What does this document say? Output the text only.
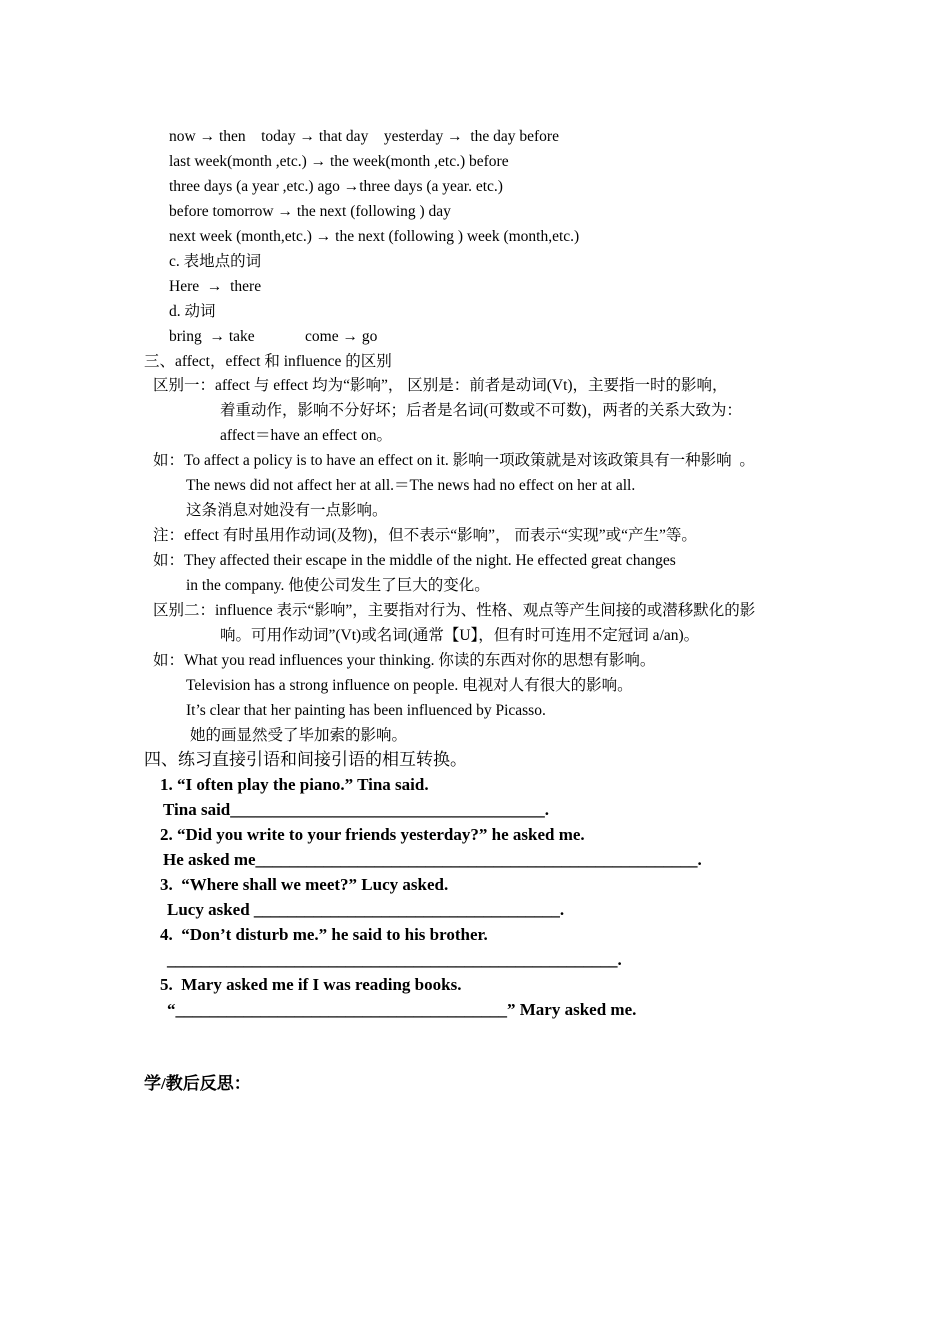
now → then    today → that day    yesterday →  the day before
last week(month ,etc.) → the week(month ,etc.) before
three days (a year ,etc.) ago →three days (a year. etc.)
before tomorrow → the next (following ) day
next week (month,etc.) → the next (following ) week (month,etc.)
c. 表地点的词
Here  →  there
d. 动词
bring  → take             come → go
三、affect，effect 和 influence 的区别
区别一：affect 与 effect 均为“影响”， 区别是：前者是动词(Vt)，主要指一时的影响，
着重动作，影响不分好坏；后者是名词(可数或不可数)，两者的关系大致为：
affect＝have an effect on。
如：To affect a policy is to have an effect on it. 影响一项政策就是对该政策具有一种影响  。
The news did not affect her at all.＝The news had no effect on her at all.
这条消息对她没有一点影响。
注：effect 有时虽用作动词(及物)，但不表示“影响”， 而表示“实现”或“产生”等。
如：They affected their escape in the middle of the night. He effected great changes
in the company. 他使公司发生了巨大的变化。
区别二：influence 表示“影响”，主要指对行为、性格、观点等产生间接的或潜移默化的影
响。可用作动词”(Vt)或名词(通常【U】，但有时可连用不定冠词 a/an)。
如：What you read influences your thinking. 你读的东西对你的思想有影响。
Television has a strong influence on people. 电视对人有很大的影响。
It’s clear that her painting has been influenced by Picasso.
她的画显然受了毕加索的影响。
四、练习直接引语和间接引语的相互转换。
1. “I often play the piano.” Tina said.
Tina said_____________________________________.
2. “Did you write to your friends yesterday?” he asked me.
He asked me____________________________________________________.
3.  “Where shall we meet?” Lucy asked.
Lucy asked ____________________________________.
4.  “Don’t disturb me.” he said to his brother.
_____________________________________________________.
5.  Mary asked me if I was reading books.
“_______________________________________” Mary asked me.
学/教后反思：
